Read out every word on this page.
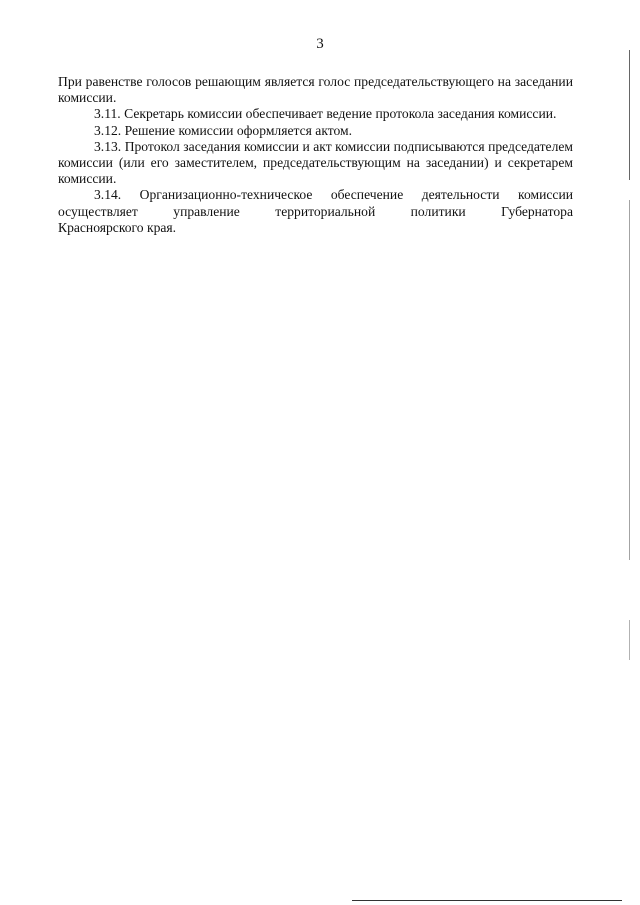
3

При равенстве голосов решающим является голос председательствующего на заседании комиссии.

3.11. Секретарь комиссии обеспечивает ведение протокола заседания комиссии.

3.12. Решение комиссии оформляется актом.

3.13. Протокол заседания комиссии и акт комиссии подписываются председателем комиссии (или его заместителем, председательствующим на заседании) и секретарем комиссии.

3.14. Организационно-техническое обеспечение деятельности комиссии

осуществляет управление территориальной политики Губернатора

Красноярского края.
